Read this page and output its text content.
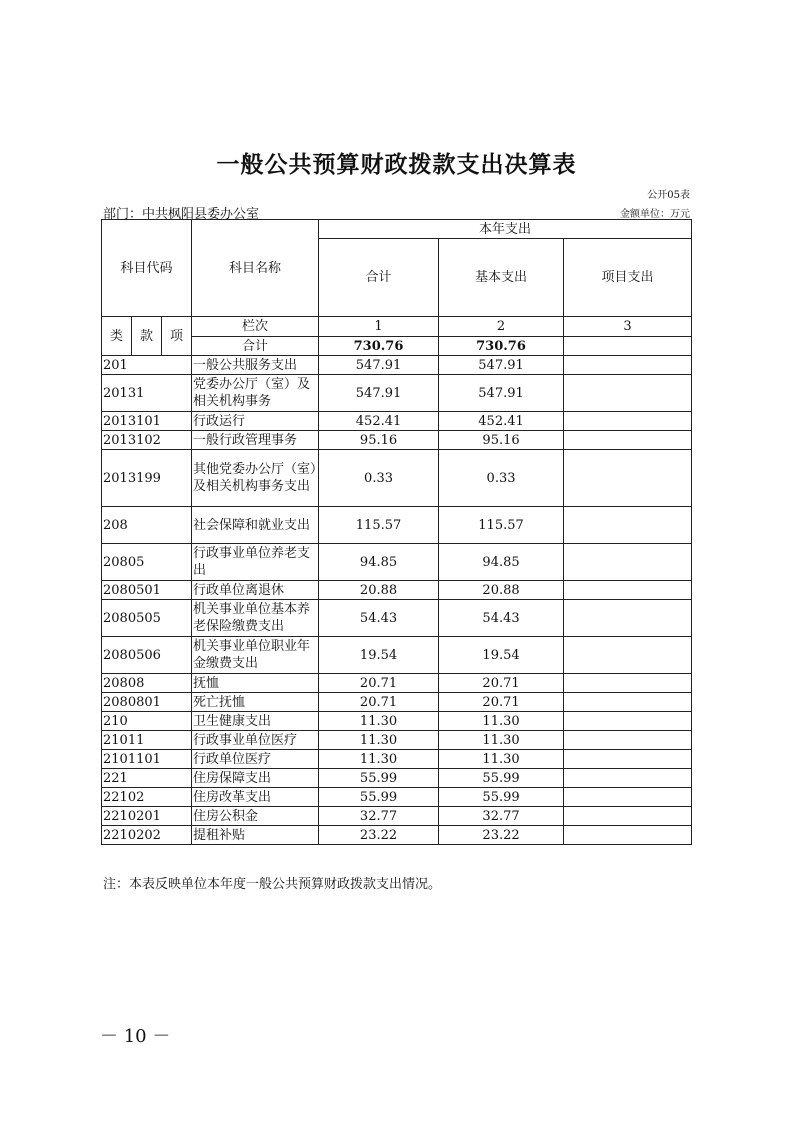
一般公共预算财政拨款支出决算表
公开05表
部门：中共枫阳县委办公室	金额单位：万元
科目代码			科目名称	本年支出		
				合计	基本支出	项目支出
类	款	项	栏次	1	2	3
			合计	730.76	730.76	
201			一般公共服务支出	547.91	547.91	
20131			党委办公厅（室）及相关机构事务	547.91	547.91	
2013101			行政运行	452.41	452.41	
2013102			一般行政管理事务	95.16	95.16	
2013199			其他党委办公厅（室）及相关机构事务支出	0.33	0.33	
208			社会保障和就业支出	115.57	115.57	
20805			行政事业单位养老支出	94.85	94.85	
2080501			行政单位离退休	20.88	20.88	
2080505			机关事业单位基本养老保险缴费支出	54.43	54.43	
2080506			机关事业单位职业年金缴费支出	19.54	19.54	
20808			抚恤	20.71	20.71	
2080801			死亡抚恤	20.71	20.71	
210			卫生健康支出	11.30	11.30	
21011			行政事业单位医疗	11.30	11.30	
2101101			行政单位医疗	11.30	11.30	
221			住房保障支出	55.99	55.99	
22102			住房改革支出	55.99	55.99	
2210201			住房公积金	32.77	32.77	
2210202			提租补贴	23.22	23.22	
注：本表反映单位本年度一般公共预算财政拨款支出情况。
－ 10 －
